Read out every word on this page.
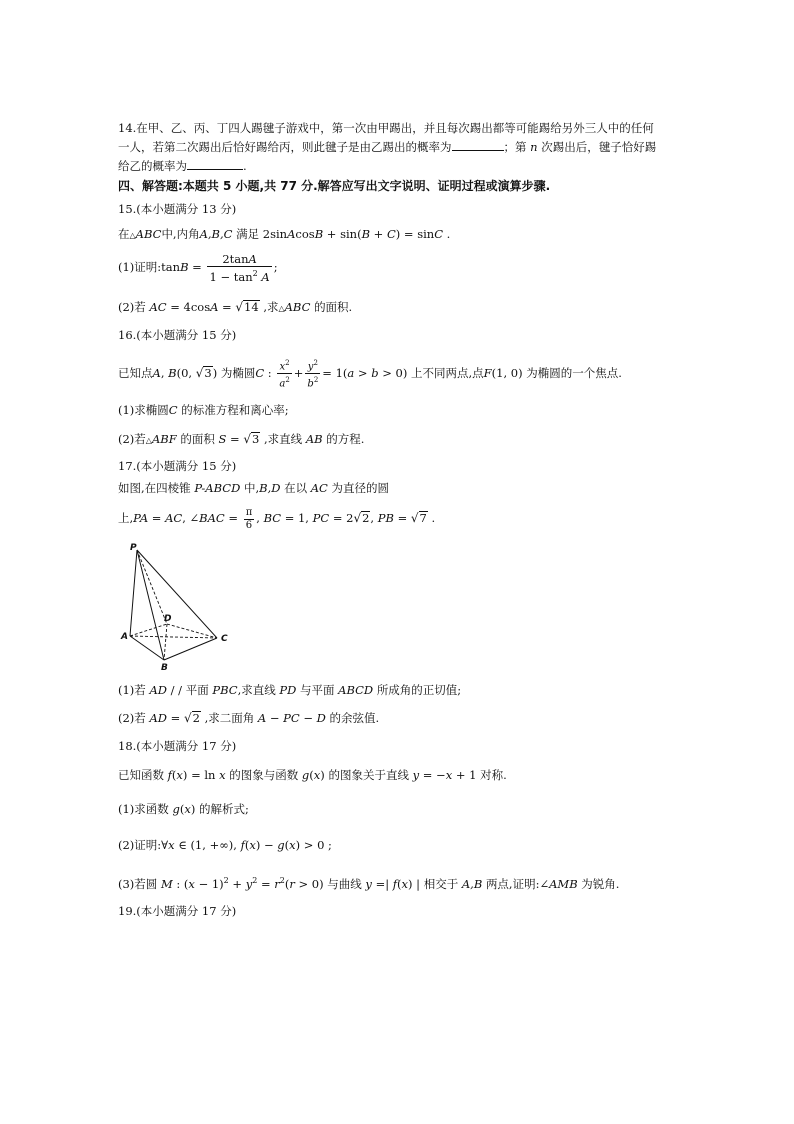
14.在甲、乙、丙、丁四人踢毽子游戏中，第一次由甲踢出，并且每次踢出都等可能踢给另外三人中的任何
一人，若第二次踢出后恰好踢给丙，则此毽子是由乙踢出的概率为	；第 n 次踢出后，毽子恰好踢
给乙的概率为	.
四、解答题:本题共 5 小题,共 77 分.解答应写出文字说明、证明过程或演算步骤.
15.(本小题满分 13 分)
在△ABC中,内角A,B,C 满足 2sinAcosB + sin(B + C) = sinC .
(1)证明:tanB = $\frac{2\tan A}{1 - \tan^2 A}$ ;
(2)若 AC = 4cosA = √14 ,求△ABC 的面积.
16.(本小题满分 15 分)
已知点A, B(0, √3) 为椭圆C : $\frac{x^2}{a^2} + \frac{y^2}{b^2} = 1(a > b > 0)$ 上不同两点,点F(1, 0) 为椭圆的一个焦点.
(1)求椭圆C 的标准方程和离心率;
(2)若△ABF 的面积 S = √3 ,求直线 AB 的方程.
17.(本小题满分 15 分)
如图,在四棱锥 P-ABCD 中,B,D 在以 AC 为直径的圆
上,PA = AC, ∠BAC = $\frac{\pi}{6}$ , BC = 1, PC = 2√2, PB = √7 .
P
A
B
C
D
(1)若 AD / / 平面 PBC,求直线 PD 与平面 ABCD 所成角的正切值;
(2)若 AD = √2 ,求二面角 A − PC − D 的余弦值.
18.(本小题满分 17 分)
已知函数 f(x) = ln x 的图象与函数 g(x) 的图象关于直线 y = −x + 1 对称.
(1)求函数 g(x) 的解析式;
(2)证明:∀x ∈ (1, +∞), f(x) − g(x) > 0 ;
(3)若圆 M : $(x - 1)^2 + y^2 = r^2(r > 0)$ 与曲线 y =| f(x) | 相交于 A,B 两点,证明:∠AMB 为锐角.
19.(本小题满分 17 分)
